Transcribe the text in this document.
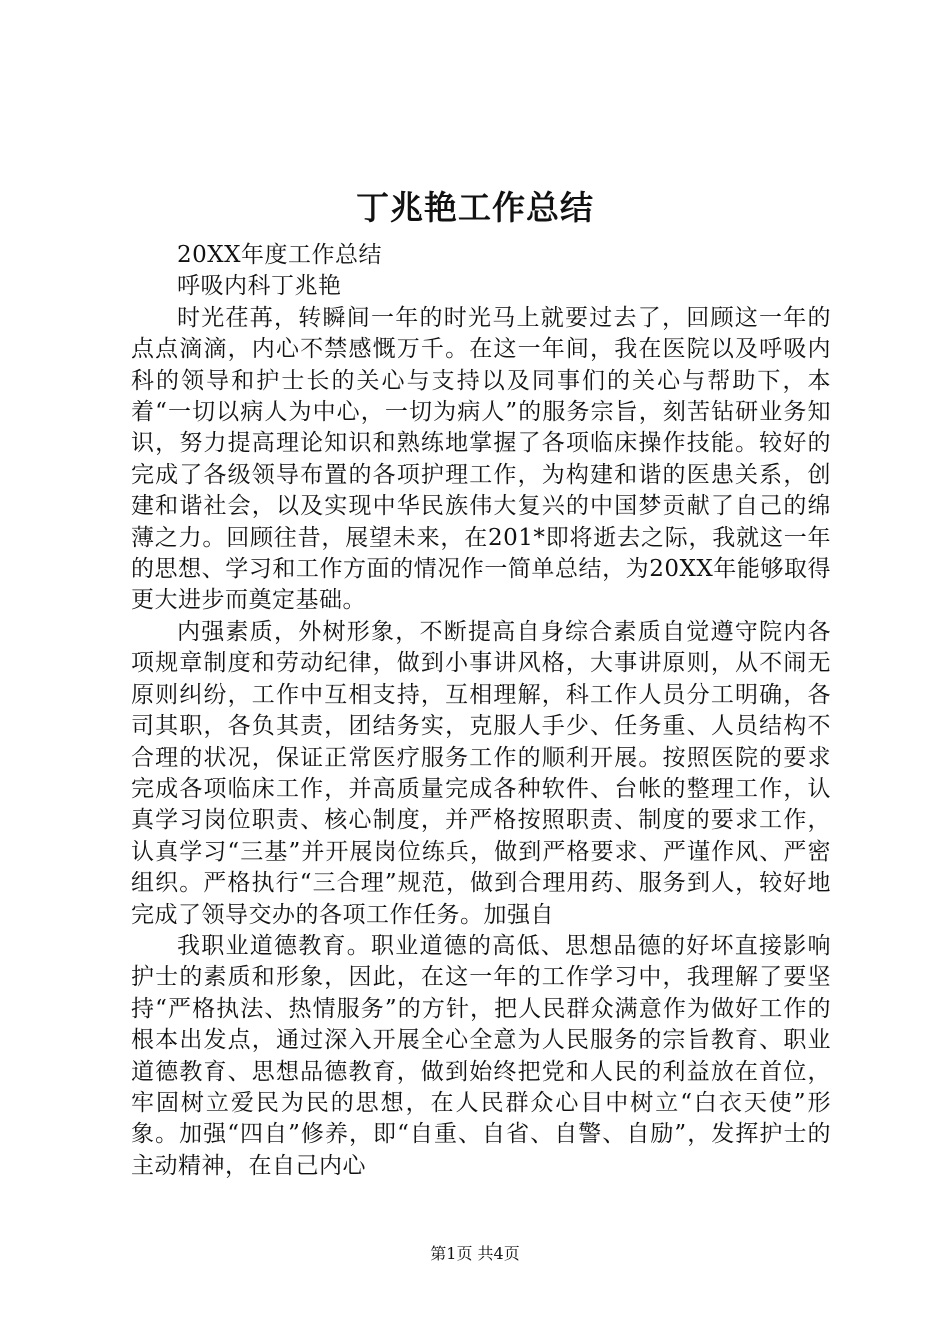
丁兆艳工作总结

20XX年度工作总结

呼吸内科丁兆艳

时光荏苒，转瞬间一年的时光马上就要过去了，回顾这一年的点点滴滴，内心不禁感慨万千。在这一年间，我在医院以及呼吸内科的领导和护士长的关心与支持以及同事们的关心与帮助下，本着“一切以病人为中心，一切为病人”的服务宗旨，刻苦钻研业务知识，努力提高理论知识和熟练地掌握了各项临床操作技能。较好的完成了各级领导布置的各项护理工作，为构建和谐的医患关系，创建和谐社会，以及实现中华民族伟大复兴的中国梦贡献了自己的绵薄之力。回顾往昔，展望未来，在201*即将逝去之际，我就这一年的思想、学习和工作方面的情况作一简单总结，为20XX年能够取得更大进步而奠定基础。

内强素质，外树形象，不断提高自身综合素质自觉遵守院内各项规章制度和劳动纪律，做到小事讲风格，大事讲原则，从不闹无原则纠纷，工作中互相支持，互相理解，科工作人员分工明确，各司其职，各负其责，团结务实，克服人手少、任务重、人员结构不合理的状况，保证正常医疗服务工作的顺利开展。按照医院的要求完成各项临床工作，并高质量完成各种软件、台帐的整理工作，认真学习岗位职责、核心制度，并严格按照职责、制度的要求工作，认真学习“三基”并开展岗位练兵，做到严格要求、严谨作风、严密组织。严格执行“三合理”规范，做到合理用药、服务到人，较好地完成了领导交办的各项工作任务。加强自

我职业道德教育。职业道德的高低、思想品德的好坏直接影响护士的素质和形象，因此，在这一年的工作学习中，我理解了要坚持“严格执法、热情服务”的方针，把人民群众满意作为做好工作的根本出发点，通过深入开展全心全意为人民服务的宗旨教育、职业道德教育、思想品德教育，做到始终把党和人民的利益放在首位，牢固树立爱民为民的思想，在人民群众心目中树立“白衣天使”形象。加强“四自”修养，即“自重、自省、自警、自励”，发挥护士的主动精神，在自己内心

第1页 共4页
